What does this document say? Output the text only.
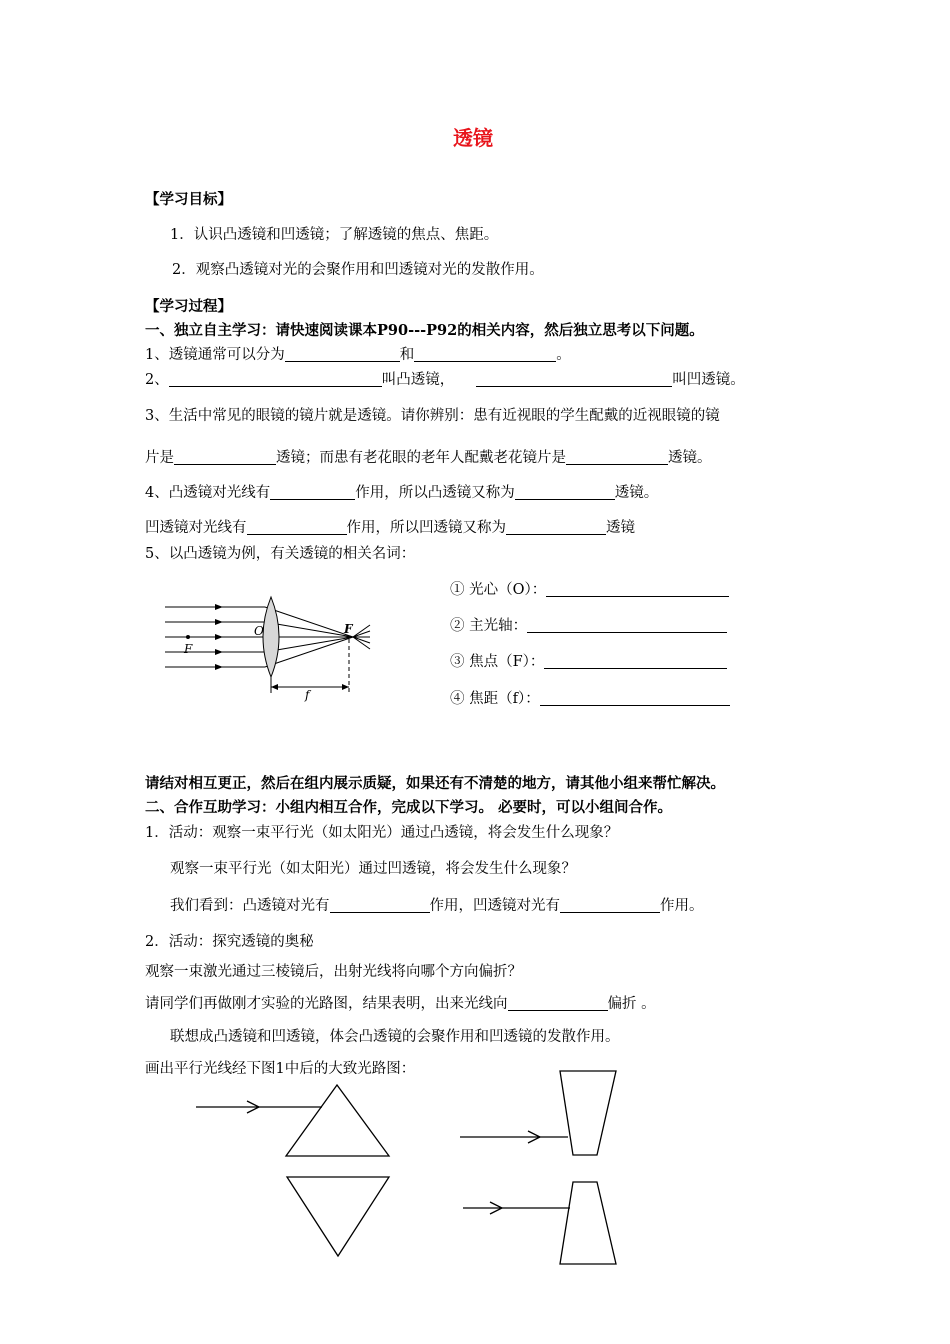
透镜
【学习目标】
1．认识凸透镜和凹透镜；了解透镜的焦点、焦距。
2．观察凸透镜对光的会聚作用和凹透镜对光的发散作用。
【学习过程】
一、独立自主学习：请快速阅读课本P90---P92的相关内容，然后独立思考以下问题。
1、透镜通常可以分为	和	。
2、	叫凸透镜，	叫凹透镜。
3、生活中常见的眼镜的镜片就是透镜。请你辨别：患有近视眼的学生配戴的近视眼镜的镜
片是	透镜；而患有老花眼的老年人配戴老花镜片是	透镜。
4、凸透镜对光线有	作用，所以凸透镜又称为	透镜。
凹透镜对光线有	作用，所以凹透镜又称为	透镜
5、以凸透镜为例，有关透镜的相关名词：
O	F
F
f
① 光心（O）：
② 主光轴：
③ 焦点（F）：
④ 焦距（f）：
请结对相互更正，然后在组内展示质疑，如果还有不清楚的地方，请其他小组来帮忙解决。
二、合作互助学习：小组内相互合作，完成以下学习。 必要时，可以小组间合作。
1．活动：观察一束平行光（如太阳光）通过凸透镜，将会发生什么现象？
观察一束平行光（如太阳光）通过凹透镜，将会发生什么现象？
我们看到：凸透镜对光有	作用，凹透镜对光有	作用。
2．活动：探究透镜的奥秘
观察一束激光通过三棱镜后，出射光线将向哪个方向偏折？
请同学们再做刚才实验的光路图，结果表明，出来光线向	偏折 。
联想成凸透镜和凹透镜，体会凸透镜的会聚作用和凹透镜的发散作用。
画出平行光线经下图1中后的大致光路图：
